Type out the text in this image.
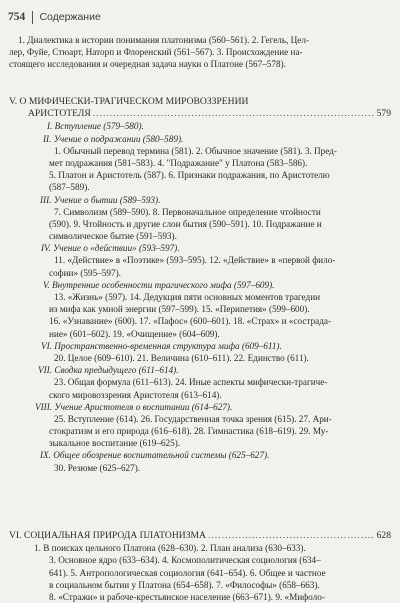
754 Содержание
1. Диалектика в истории понимания платонизма (560–561). 2. Гегель, Цел-
лер, Фуйе, Стюарт, Наторп и Флоренский (561–567). 3. Происхождение на-
стоящего исследования и очередная задача науки о Платоне (567–578).
V. О МИФИЧЕСКИ-ТРАГИЧЕСКОМ МИРОВОЗЗРЕНИИ
АРИСТОТЕЛЯ .....	579
I. Вступление (579–580).
II. Учение о подражании (580–589).
1. Обычный перевод термина (581). 2. Обычное значение (581). 3. Пред-
мет подражания (581–583). 4. "Подражание" у Платона (583–586).
5. Платон и Аристотель (587). 6. Признаки подражания, по Аристотелю
(587–589).
III. Учение о бытии (589–593).
7. Символизм (589–590). 8. Первоначальное определение чтойности
(590). 9. Чтойность и другие слои бытия (590–591). 10. Подражание и
символическое бытие (591–593).
IV. Учение о «действии» (593–597).
11. «Действие» в «Поэтике» (593–595). 12. «Действие» в «первой фило-
софии» (595–597).
V. Внутренние особенности трагического мифа (597–609).
13. «Жизнь» (597). 14. Дедукция пяти основных моментов трагедии
из мифа как умной энергии (597–599). 15. «Перипетия» (599–600).
16. «Узнавание» (600). 17. «Пафос» (600–601). 18. «Страх» и «сострада-
ние» (601–602). 19. «Очищение» (604–609).
VI. Пространственно-временная структура мифа (609–611).
20. Целое (609–610). 21. Величина (610–611). 22. Единство (611).
VII. Сводка предыдущего (611–614).
23. Общая формула (611–613). 24. Иные аспекты мифически-трагиче-
ского мировоззрения Аристотеля (613–614).
VIII. Учение Аристотеля о воспитании (614–627).
25. Вступление (614). 26. Государственная точка зрения (615). 27. Ари-
стократизм и его природа (616–618). 28. Гимнастика (618–619). 29. Му-
зыкальное воспитание (619–625).
IX. Общее обозрение воспитательной системы (625–627).
30. Резюме (625–627).
VI. СОЦИАЛЬНАЯ ПРИРОДА ПЛАТОНИЗМА .....	628
1. В поисках цельного Платона (628–630). 2. План анализа (630–633).
3. Основное ядро (633–634). 4. Космополитическая социология (634–
641). 5. Антропологическая социология (641–654). 6. Общее и частное
в социальном бытии у Платона (654–658). 7. «Философы» (658–663).
8. «Стражи» и рабоче-крестьянское население (663–671). 9. «Мифоло-
